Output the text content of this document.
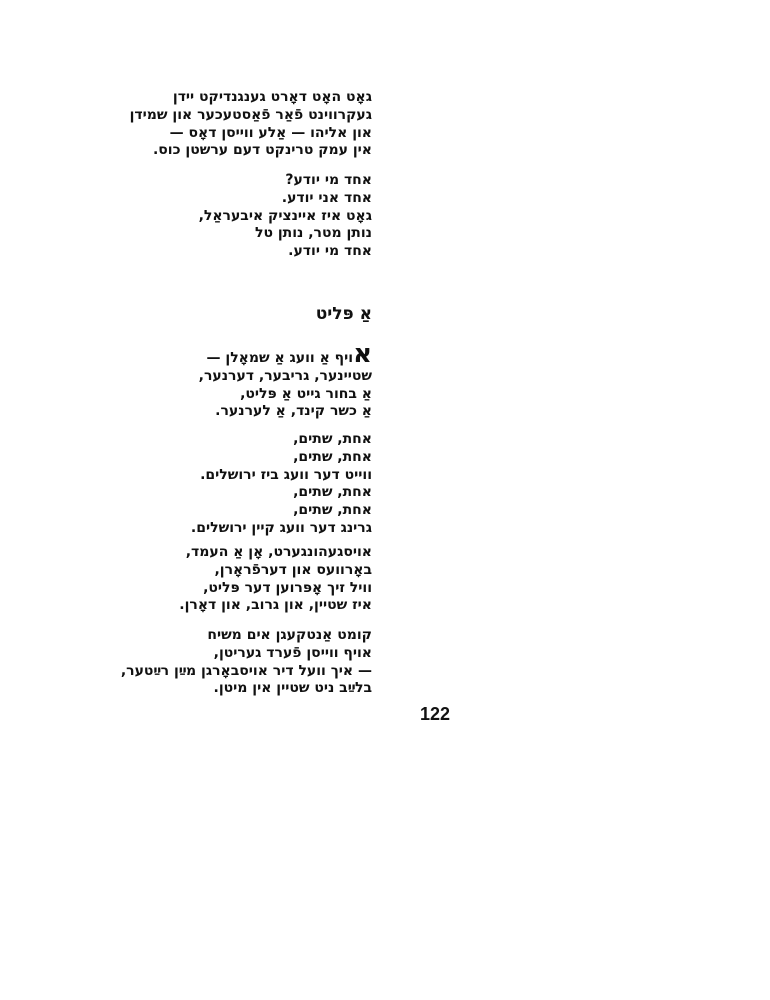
גאָט האָט דאָרט גענגנדיקט יידן
געקרווינט פֿאַר פֿאַסטעכער און שמידן
און אליהו — אַלע ווייסן דאָס —
אין עמק טרינקט דעם ערשטן כוס.
אחד מי יודע?
אחד אני יודע.
גאָט איז איינציק איבעראַל,
נותן מטר, נותן טל
אחד מי יודע.
אַ פּליט
אויף אַ וועג אַ שמאָלן —
שטיינער, גריבער, דערנער,
אַ בחור גייט אַ פּליט,
אַ כשר קינד, אַ לערנער.
אחת, שתים,
אחת, שתים,
ווייט דער וועג ביז ירושלים.
אחת, שתים,
אחת, שתים,
גרינג דער וועג קיין ירושלים.
אויסגעהונגערט, אָן אַ העמד,
באָרוועס און דערפֿראָרן,
וויל זיך אָפּרוען דער פּליט,
איז שטיין, און גרוב, און דאָרן.
קומט אַנטקעגן אים משיח
אויף ווייסן פֿערד געריטן,
— איך וועל דיר אויסבאָרגן מײַן רײַטער,
בלײַב ניט שטיין אין מיטן.
122
